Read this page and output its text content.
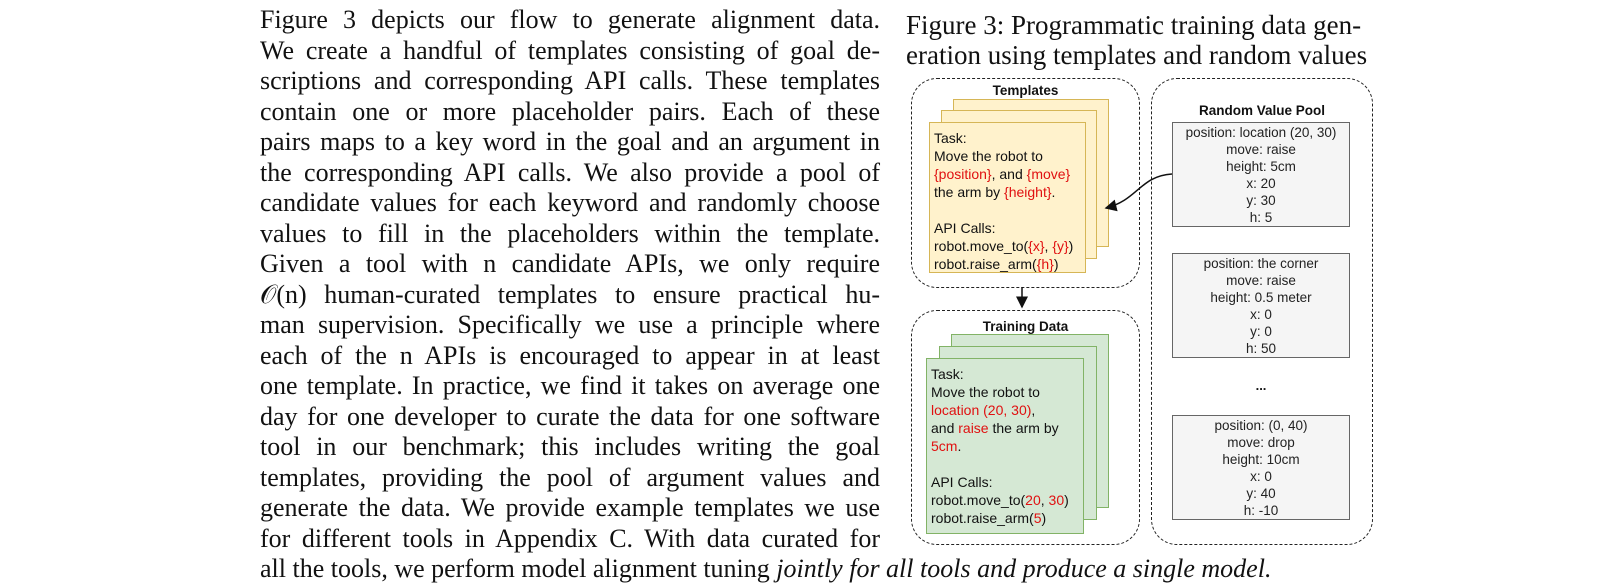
Figure 3 depicts our flow to generate alignment data.
We create a handful of templates consisting of goal de-
scriptions and corresponding API calls. These templates
contain one or more placeholder pairs. Each of these
pairs maps to a key word in the goal and an argument in
the corresponding API calls. We also provide a pool of
candidate values for each keyword and randomly choose
values to fill in the placeholders within the template.
Given a tool with n candidate APIs, we only require
𝒪(n) human-curated templates to ensure practical hu-
man supervision. Specifically we use a principle where
each of the n APIs is encouraged to appear in at least
one template. In practice, we find it takes on average one
day for one developer to curate the data for one software
tool in our benchmark; this includes writing the goal
templates, providing the pool of argument values and
generate the data. We provide example templates we use
for different tools in Appendix C. With data curated for
all the tools, we perform model alignment tuning jointly for all tools and produce a single model.
Figure 3: Programmatic training data gen-
eration using templates and random values
Templates
Task:
Move the robot to
{position}, and {move}
the arm by {height}.
API Calls:
robot.move_to({x}, {y})
robot.raise_arm({h})
Training Data
Task:
Move the robot to
location (20, 30),
and raise the arm by
5cm.
API Calls:
robot.move_to(20, 30)
robot.raise_arm(5)
Random Value Pool
position: location (20, 30)
move: raise
height: 5cm
x: 20
y: 30
h: 5
position: the corner
move: raise
height: 0.5 meter
x: 0
y: 0
h: 50
...
position: (0, 40)
move: drop
height: 10cm
x: 0
y: 40
h: -10
